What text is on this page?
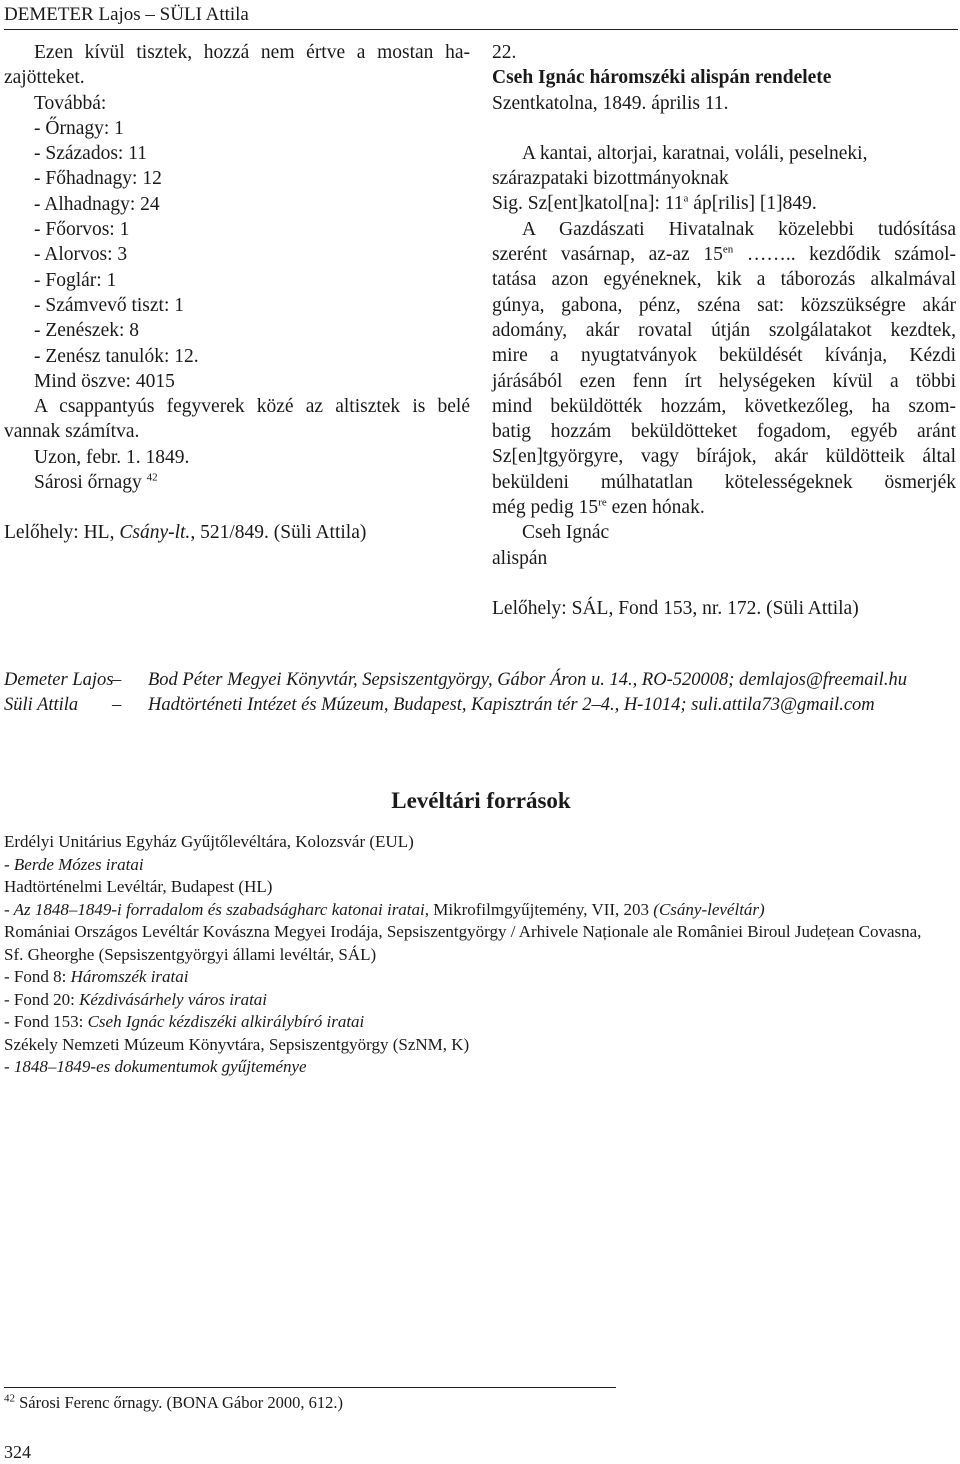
DEMETER Lajos – SÜLI Attila
Ezen kívül tisztek, hozzá nem értve a mostan ha-
zajötteket.
Továbbá:
- Őrnagy: 1
- Százados: 11
- Főhadnagy: 12
- Alhadnagy: 24
- Főorvos: 1
- Alorvos: 3
- Foglár: 1
- Számvevő tiszt: 1
- Zenészek: 8
- Zenész tanulók: 12.
Mind öszve: 4015
A csappantyús fegyverek közé az altisztek is belé
vannak számítva.
Uzon, febr. 1. 1849.
Sárosi őrnagy $^{42}$
Lelőhely: HL, Csány-lt., 521/849. (Süli Attila)
22.
Cseh Ignác háromszéki alispán rendelete
Szentkatolna, 1849. április 11.
A kantai, altorjai, karatnai, voláli, peselneki,
szárazpataki bizottmányoknak
Sig. Sz[ent]katol[na]: 11$^a$ áp[rilis] [1]849.
A Gazdászati Hivatalnak közelebbi tudósítása
szerént vasárnap, az-az $15^{en}$ …….. kezdődik számol-
tatása azon egyéneknek, kik a táborozás alkalmával
gúnya, gabona, pénz, széna sat: közszükségre akár
adomány, akár rovatal útján szolgálatakot kezdtek,
mire a nyugtatványok beküldését kívánja, Kézdi
járásából ezen fenn írt helységeken kívül a többi
mind beküldötték hozzám, következőleg, ha szom-
batig hozzám beküldötteket fogadom, egyéb aránt
Sz[en]tgyörgyre, vagy bírájok, akár küldötteik által
beküldeni múlhatatlan kötelességeknek ösmerjék
még pedig 15re ezen hónak.
Cseh Ignác
alispán
Lelőhely: SÁL, Fond 153, nr. 172. (Süli Attila)
Demeter Lajos
–	Bod Péter Megyei Könyvtár, Sepsiszentgyörgy, Gábor Áron u. 14., RO-520008; demlajos@freemail.hu
Süli Attila	–	Hadtörténeti Intézet és Múzeum, Budapest, Kapisztrán tér 2–4., H-1014; suli.attila73@gmail.com
Levéltári források
Erdélyi Unitárius Egyház Gyűjtőlevéltára, Kolozsvár (EUL)
- Berde Mózes iratai
Hadtörténelmi Levéltár, Budapest (HL)
- Az 1848–1849-i forradalom és szabadságharc katonai iratai, Mikrofilmgyűjtemény, VII, 203 (Csány-levéltár)
Romániai Országos Levéltár Kovászna Megyei Irodája, Sepsiszentgyörgy / Arhivele Naționale ale României Biroul Județean Covasna,
Sf. Gheorghe (Sepsiszentgyörgyi állami levéltár, SÁL)
- Fond 8: Háromszék iratai
- Fond 20: Kézdivásárhely város iratai
- Fond 153: Cseh Ignác kézdiszéki alkirálybíró iratai
Székely Nemzeti Múzeum Könyvtára, Sepsiszentgyörgy (SzNM, K)
- 1848–1849-es dokumentumok gyűjteménye
$^{42}$ Sárosi Ferenc őrnagy. (BONA Gábor 2000, 612.)
324
